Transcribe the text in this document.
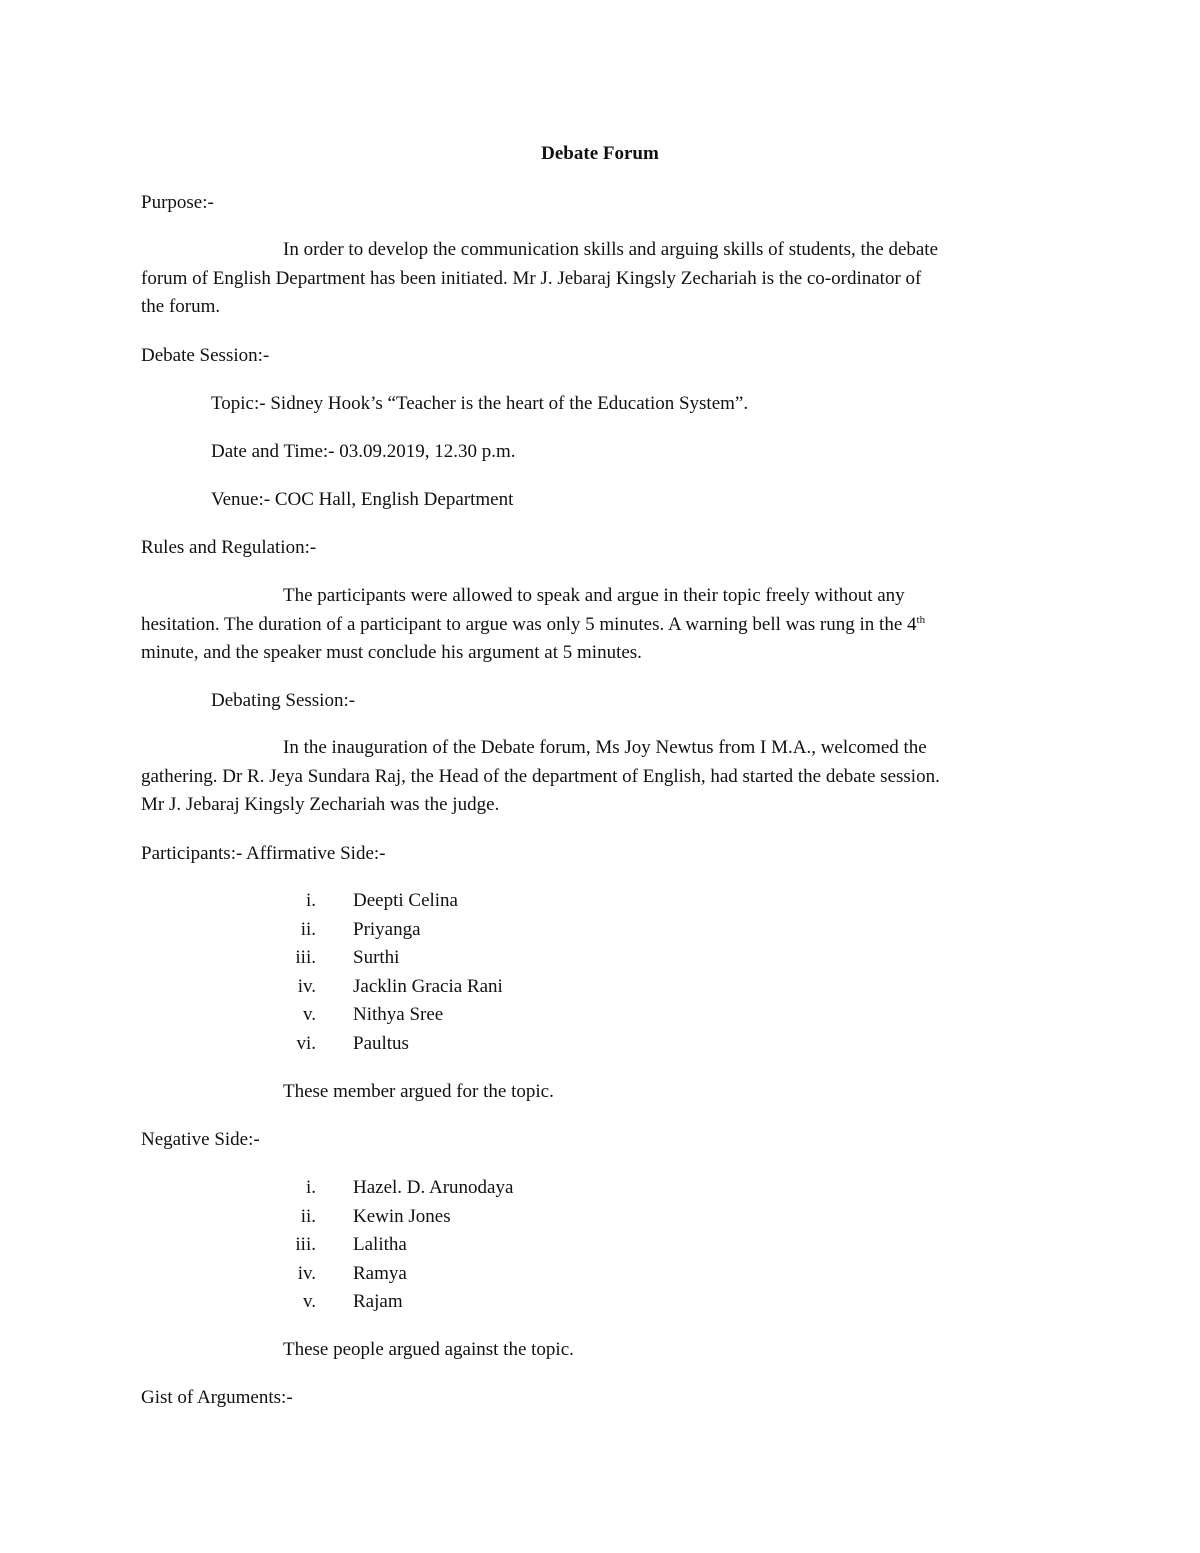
Debate Forum
Purpose:-
In order to develop the communication skills and arguing skills of students, the debate
forum of English Department has been initiated. Mr J. Jebaraj Kingsly Zechariah is the co-ordinator of
the forum.
Debate Session:-
Topic:- Sidney Hook’s “Teacher is the heart of the Education System”.
Date and Time:- 03.09.2019, 12.30 p.m.
Venue:- COC Hall, English Department
Rules and Regulation:-
The participants were allowed to speak and argue in their topic freely without any
hesitation. The duration of a participant to argue was only 5 minutes. A warning bell was rung in the 4th
minute, and the speaker must conclude his argument at 5 minutes.
Debating Session:-
In the inauguration of the Debate forum, Ms Joy Newtus from I M.A., welcomed the
gathering. Dr R. Jeya Sundara Raj, the Head of the department of English, had started the debate session.
Mr J. Jebaraj Kingsly Zechariah was the judge.
Participants:- Affirmative Side:-
i. Deepti Celina
ii. Priyanga
iii. Surthi
iv. Jacklin Gracia Rani
v. Nithya Sree
vi. Paultus
These member argued for the topic.
Negative Side:-
i. Hazel. D. Arunodaya
ii. Kewin Jones
iii. Lalitha
iv. Ramya
v. Rajam
These people argued against the topic.
Gist of Arguments:-
